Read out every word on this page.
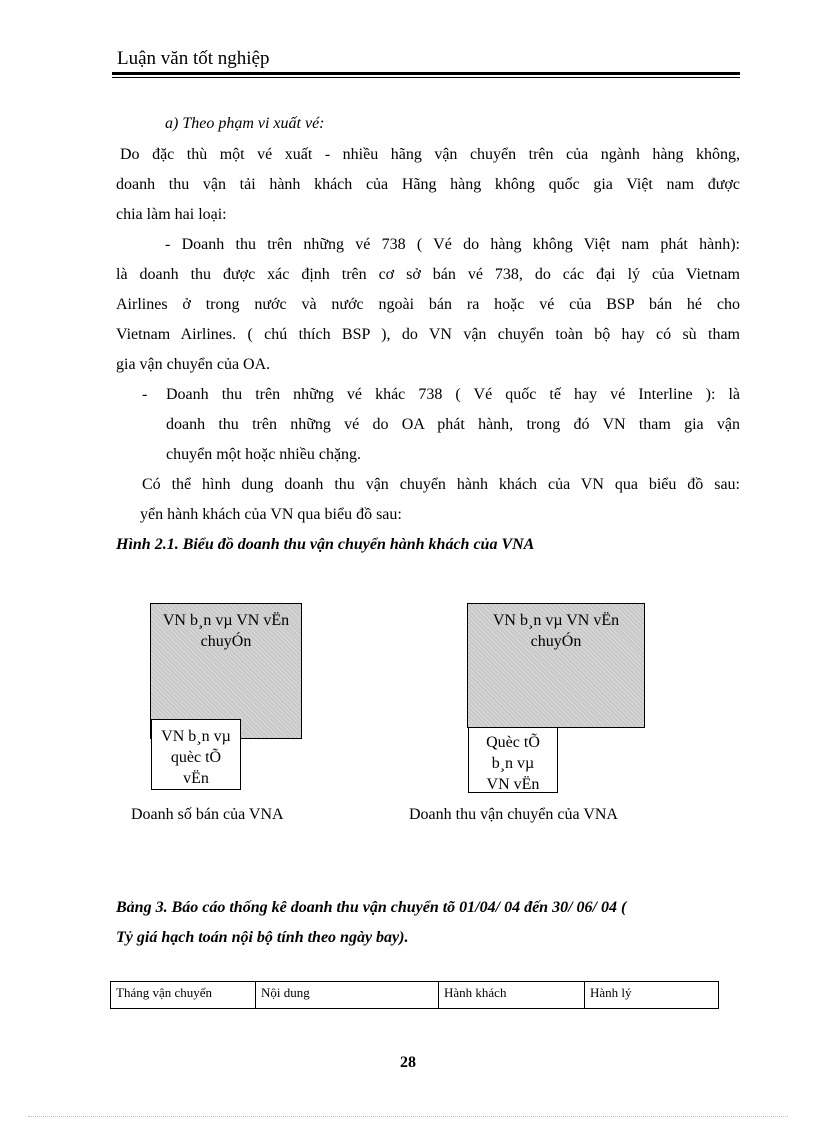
Luận văn tốt nghiệp
a) Theo phạm vi xuất vé:
Do đặc thù một vé xuất - nhiều hãng vận chuyển trên của ngành hàng không,
doanh thu vận tải hành khách của Hãng hàng không quốc gia Việt nam được
chia làm hai loại:
- Doanh thu trên những vé 738 ( Vé do hàng không Việt nam phát hành):
là doanh thu được xác định trên cơ sở bán vé 738, do các đại lý của Vietnam
Airlines ở trong nước và nước ngoài bán ra hoặc vé của BSP bán hé cho
Vietnam Airlines. ( chú thích BSP ), do VN vận chuyển toàn bộ hay có sù tham
gia vận chuyển của OA.
- Doanh thu trên những vé khác 738 ( Vé quốc tế hay vé Interline ): là
doanh thu trên những vé do OA phát hành, trong đó VN tham gia vận
chuyển một hoặc nhiều chặng.
Có thể hình dung doanh thu vận chuyển hành khách của VN qua biểu đồ sau:
yển hành khách của VN qua biểu đồ sau:
Hình 2.1. Biểu đồ doanh thu vận chuyển hành khách của VNA
VN b¸n vµ VN vËn chuyÓn
VN b¸n vµ quèc tÕ vËn
Doanh số bán của VNA
VN b¸n vµ VN vËn chuyÓn
Quèc tÕ b¸n vµ VN vËn
Doanh thu vận chuyển của VNA
Bảng 3. Báo cáo thống kê doanh thu vận chuyển tõ 01/04/ 04 đến 30/ 06/ 04 (
Tỷ giá hạch toán nội bộ tính theo ngày bay).
Tháng vận chuyển	Nội dung	Hành khách	Hành lý
28
